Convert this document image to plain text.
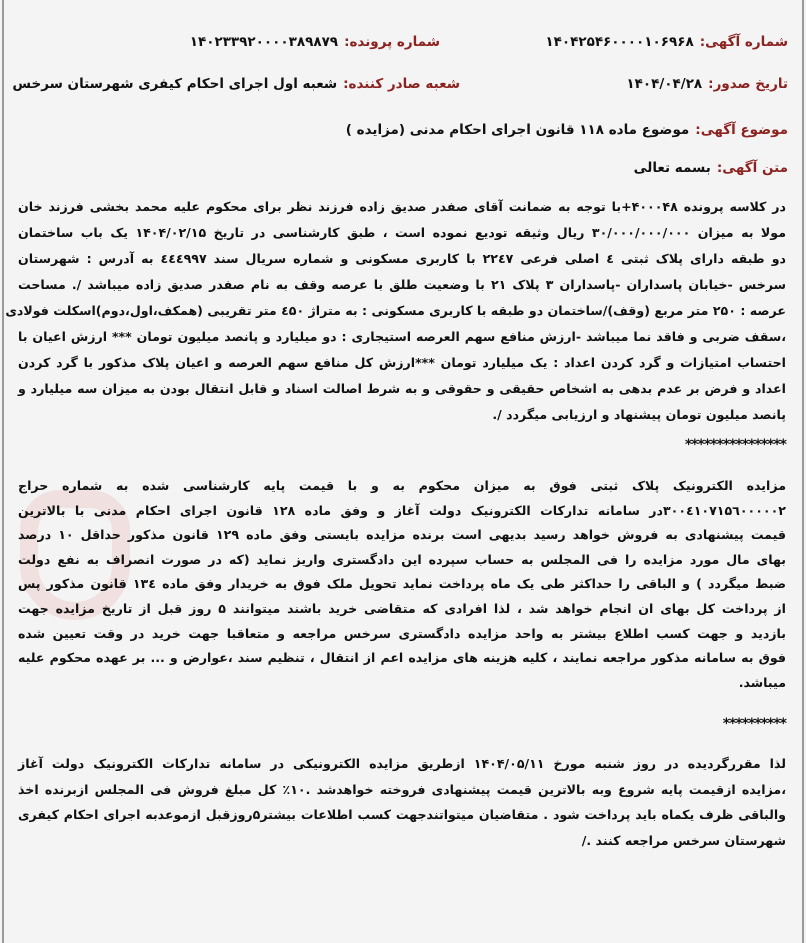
شماره آگهی:۱۴۰۴۲۵۴۶۰۰۰۰۱۰۶۹۶۸
شماره پرونده:۱۴۰۲۳۳۹۲۰۰۰۰۳۸۹۸۷۹
تاریخ صدور:۱۴۰۴/۰۴/۲۸
شعبه صادر کننده:شعبه اول اجرای احکام کیفری شهرستان سرخس
موضوع آگهی:موضوع ماده ۱۱۸ قانون اجرای احکام مدنی (مزایده )
متن آگهی:بسمه تعالی
در کلاسه پرونده ۴۰۰۰۴۸+با توجه به ضمانت آقای صفدر صدیق زاده فرزند نظر برای محکوم علیه محمد بخشی فرزند خان
مولا به میزان ۳۰/۰۰۰/۰۰۰/۰۰۰ ریال وثیقه تودیع نموده است ، طبق کارشناسی در تاریخ ۱۴۰۴/۰۲/۱۵ یک باب ساختمان
دو طبقه دارای پلاک ثبتی ٤ اصلی فرعی ۲۲٤۷ با کاربری مسکونی و شماره سریال سند ٤٤٤۹۹۷ به آدرس : شهرستان
سرخس -خیابان پاسداران -پاسداران ۳ پلاک ۲۱ با وضعیت طلق با عرصه وقف به نام صفدر صدیق زاده میباشد /. مساحت
عرصه : ۲۵۰ متر مربع (وقف)/ساختمان دو طبقه با کاربری مسکونی : به متراژ ٤۵۰ متر تقریبی (همکف،اول،دوم)اسکلت فولادی
،سقف ضربی و فاقد نما میباشد -ارزش منافع سهم العرصه استیجاری : دو میلیارد و پانصد میلیون تومان *** ارزش اعیان با
احتساب امتیازات و گرد کردن اعداد : یک میلیارد تومان ***ارزش کل منافع سهم العرصه و اعیان پلاک مذکور با گرد کردن
اعداد و فرض بر عدم بدهی به اشخاص حقیقی و حقوقی و به شرط اصالت اسناد و قابل انتقال بودن به میزان سه میلیارد و
پانصد میلیون تومان پیشنهاد و ارزیابی میگردد /.
****************
مزایده الکترونیک پلاک ثبتی فوق به میزان محکوم به و با قیمت پایه کارشناسی شده به شماره حراج
۳۰۰٤۱۰۷۱۵٦۰۰۰۰۰۲در سامانه تدارکات الکترونیک دولت آغاز و وفق ماده ۱۲۸ قانون اجرای احکام مدنی با بالاترین
قیمت پیشنهادی به فروش خواهد رسید بدیهی است برنده مزایده بایستی وفق ماده ۱۲۹ قانون مذکور حداقل ۱۰ درصد
بهای مال مورد مزایده را فی المجلس به حساب سپرده این دادگستری واریز نماید (که در صورت انصراف به نفع دولت
ضبط میگردد ) و الباقی را حداکثر طی یک ماه پرداخت نماید تحویل ملک فوق به خریدار وفق ماده ۱۳٤ قانون مذکور پس
از پرداخت کل بهای ان انجام خواهد شد ، لذا افرادی که متقاضی خرید باشند میتوانند ۵ روز قبل از تاریخ مزایده جهت
بازدید و جهت کسب اطلاع بیشتر به واحد مزایده دادگستری سرخس مراجعه و متعاقبا جهت خرید در وقت تعیین شده
فوق به سامانه مذکور مراجعه نمایند ، کلیه هزینه های مزایده اعم از انتقال ، تنظیم سند ،عوارض و ... بر عهده محکوم علیه
میباشد.
**********
لذا مقررگردیده در روز شنبه مورخ ۱۴۰۴/۰۵/۱۱ ازطریق مزایده الکترونیکی در سامانه تدارکات الکترونیک دولت آغاز
،مزایده ازقیمت پایه شروع وبه بالاترین قیمت پیشنهادی فروخته خواهدشد .۱۰٪ کل مبلغ فروش فی المجلس ازبرنده اخذ
والباقی ظرف یکماه باید پرداخت شود . متقاضیان میتواتندجهت کسب اطلاعات بیشتر۵روزقبل ازموعدبه اجرای احکام کیفری
شهرستان سرخس مراجعه کنند ./
